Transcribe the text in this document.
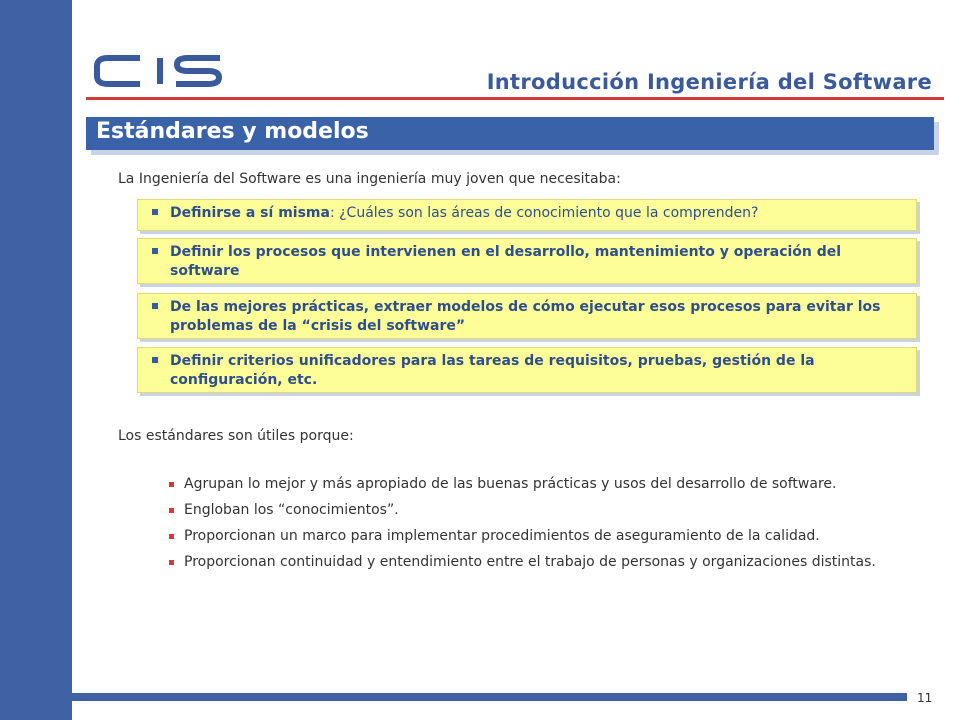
Introducción Ingeniería del Software
Estándares y modelos
La Ingeniería del Software es una ingeniería muy joven que necesitaba:
Definirse a sí misma: ¿Cuáles son las áreas de conocimiento que la comprenden?
Definir los procesos que intervienen en el desarrollo, mantenimiento y operación del software
De las mejores prácticas, extraer modelos de cómo ejecutar esos procesos para evitar los problemas de la “crisis del software”
Definir criterios unificadores para las tareas de requisitos, pruebas, gestión de la configuración, etc.
Los estándares son útiles porque:
Agrupan lo mejor y más apropiado de las buenas prácticas y usos del desarrollo de software.
Engloban los “conocimientos”.
Proporcionan un marco para implementar procedimientos de aseguramiento de la calidad.
Proporcionan continuidad y entendimiento entre el trabajo de personas y organizaciones distintas.
11
